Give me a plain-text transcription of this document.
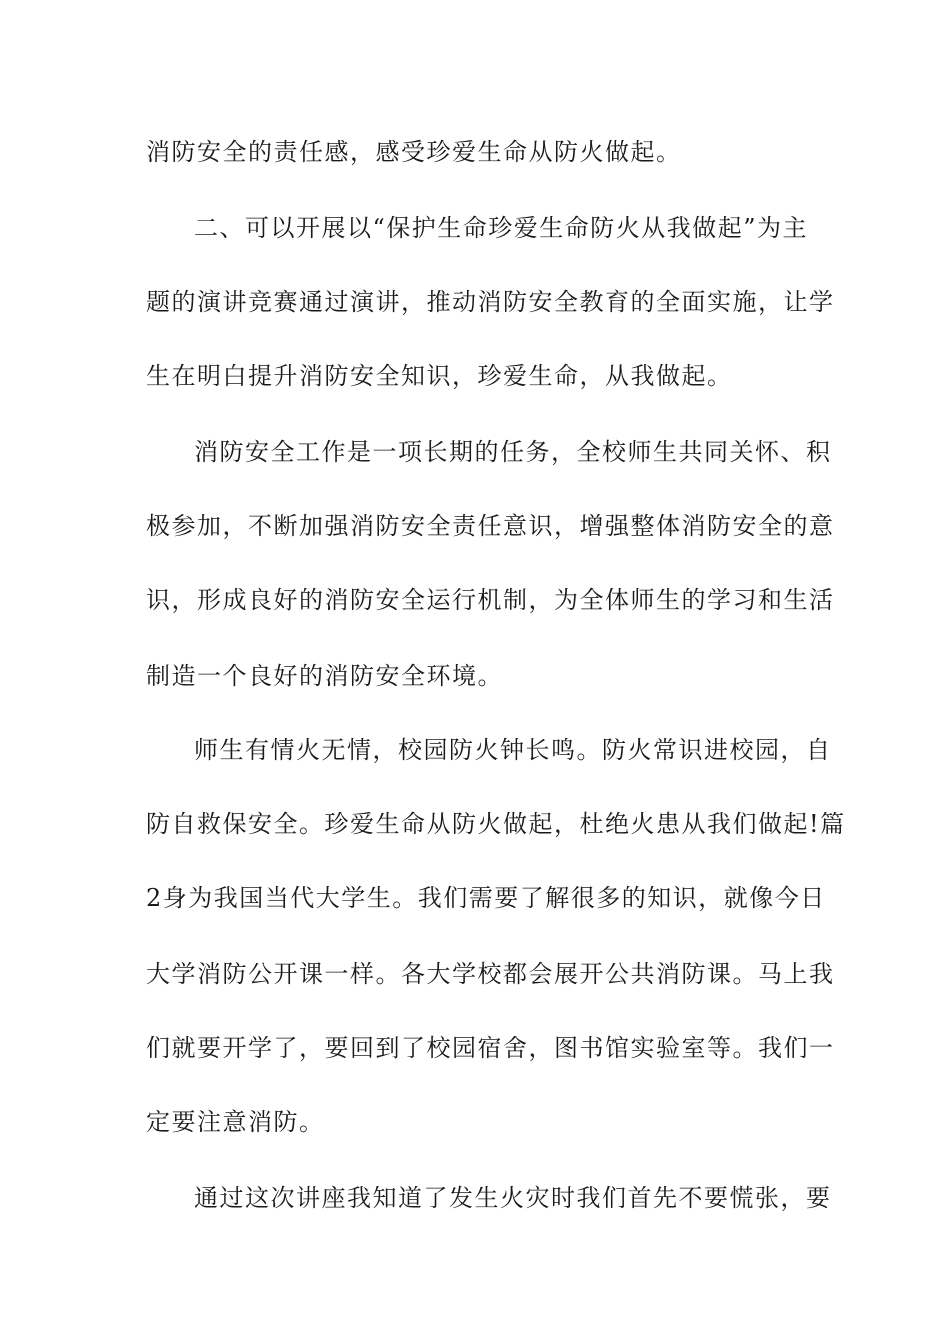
消防安全的责任感，感受珍爱生命从防火做起。
二、可以开展以“保护生命珍爱生命防火从我做起”为主
题的演讲竞赛通过演讲，推动消防安全教育的全面实施，让学
生在明白提升消防安全知识，珍爱生命，从我做起。
消防安全工作是一项长期的任务，全校师生共同关怀、积
极参加，不断加强消防安全责任意识，增强整体消防安全的意
识，形成良好的消防安全运行机制，为全体师生的学习和生活
制造一个良好的消防安全环境。
师生有情火无情，校园防火钟长鸣。防火常识进校园，自
防自救保安全。珍爱生命从防火做起，杜绝火患从我们做起!篇
2身为我国当代大学生。我们需要了解很多的知识，就像今日
大学消防公开课一样。各大学校都会展开公共消防课。马上我
们就要开学了，要回到了校园宿舍，图书馆实验室等。我们一
定要注意消防。
通过这次讲座我知道了发生火灾时我们首先不要慌张，要
